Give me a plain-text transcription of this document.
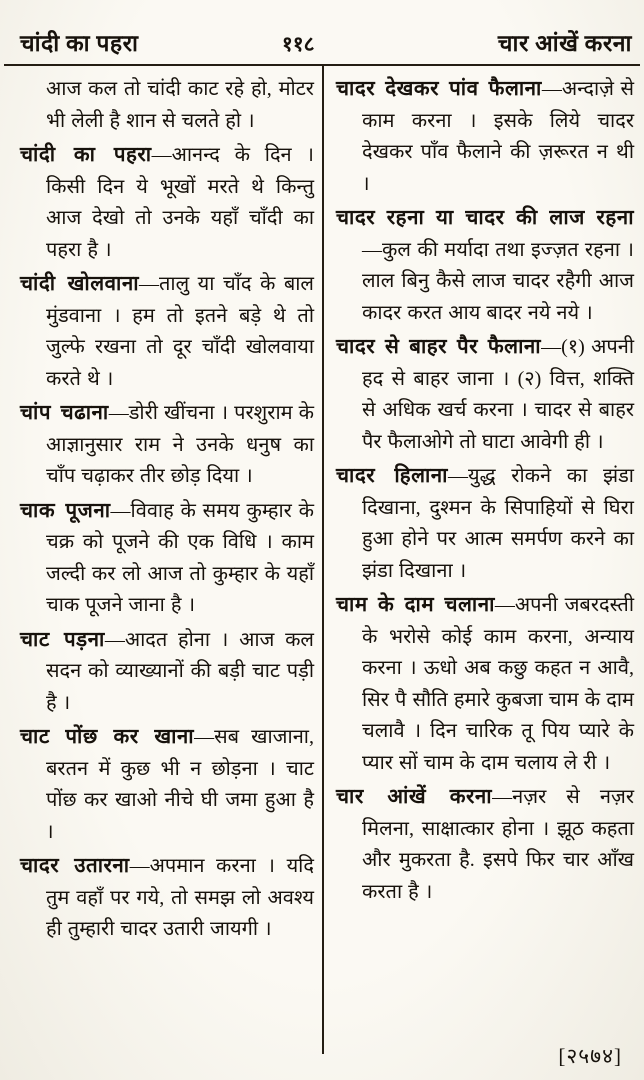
चांदी का पहरा	११८	चार आंखें करना

आज कल तो चांदी काट रहे हो, मोटर भी लेली है शान से चलते हो ।

चांदी का पहरा—आनन्द के दिन । किसी दिन ये भूखों मरते थे किन्तु आज देखो तो उनके यहाँ चाँदी का पहरा है ।

चांदी खोलवाना—तालु या चाँद के बाल मुंडवाना । हम तो इतने बड़े थे तो जुल्फे रखना तो दूर चाँदी खोलवाया करते थे ।

चांप चढाना—डोरी खींचना । परशुराम के आज्ञानुसार राम ने उनके धनुष का चाँप चढ़ाकर तीर छोड़ दिया ।

चाक पूजना—विवाह के समय कुम्हार के चक्र को पूजने की एक विधि । काम जल्दी कर लो आज तो कुम्हार के यहाँ चाक पूजने जाना है ।

चाट पड़ना—आदत होना । आज कल सदन को व्याख्यानों की बड़ी चाट पड़ी है ।

चाट पोंछ कर खाना—सब खाजाना, बरतन में कुछ भी न छोड़ना । चाट पोंछ कर खाओ नीचे घी जमा हुआ है ।

चादर उतारना—अपमान करना । यदि तुम वहाँ पर गये, तो समझ लो अवश्य ही तुम्हारी चादर उतारी जायगी ।

चादर देखकर पांव फैलाना—अन्दाज़े से काम करना । इसके लिये चादर देखकर पाँव फैलाने की ज़रूरत न थी ।

चादर रहना या चादर की लाज रहना—कुल की मर्यादा तथा इज्ज़त रहना । लाल बिनु कैसे लाज चादर रहैगी आज कादर करत आय बादर नये नये ।

चादर से बाहर पैर फैलाना—(१) अपनी हद से बाहर जाना । (२) वित्त, शक्ति से अधिक खर्च करना । चादर से बाहर पैर फैलाओगे तो घाटा आवेगी ही ।

चादर हिलाना—युद्ध रोकने का झंडा दिखाना, दुश्मन के सिपाहियों से घिरा हुआ होने पर आत्म समर्पण करने का झंडा दिखाना ।

चाम के दाम चलाना—अपनी जबरदस्ती के भरोसे कोई काम करना, अन्याय करना । ऊधो अब कछु कहत न आवै, सिर पै सौति हमारे कुबजा चाम के दाम चलावै । दिन चारिक तू पिय प्यारे के प्यार सों चाम के दाम चलाय ले री ।

चार आंखें करना—नज़र से नज़र मिलना, साक्षात्कार होना । झूठ कहता और मुकरता है. इसपे फिर चार आँख करता है ।

[२५७४]
